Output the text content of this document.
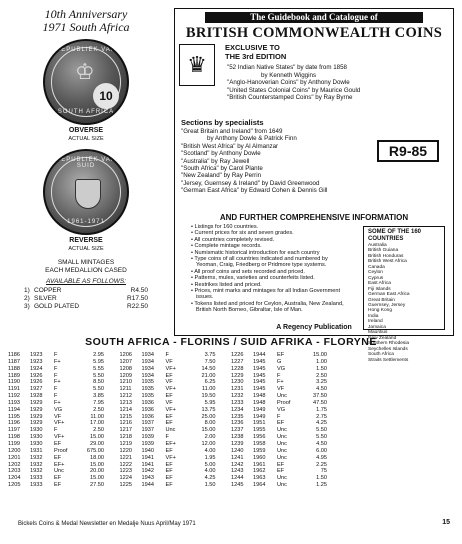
10th Anniversary
1971 South Africa
REPUBLIEK VAN
♔
10
SOUTH AFRICA
OBVERSE
ACTUAL SIZE
REPUBLIEK VAN SUID
1961-1971
REVERSE
ACTUAL SIZE
SMALL MINTAGES
EACH MEDALLION CASED
AVAILABLE AS FOLLOWS:
1) COPPER	R4.50
2) SILVER	R17.50
3) GOLD PLATED	R22.50
The Guidebook and Catalogue of
BRITISH COMMONWEALTH COINS
♛
EXCLUSIVE TO
THE 3rd EDITION
"52 Indian Native States" by date from 1858
by Kenneth Wiggins
"Anglo-Hanoverian Coins" by Anthony Dowle
"United States Colonial Coins" by Maurice Gould
"British Counterstamped Coins" by Ray Byrne
Sections by specialists
"Great Britain and Ireland" from 1649
by Anthony Dowle & Patrick Finn
"British West Africa" by Al Almanzar
"Scotland" by Anthony Dowle
"Australia" by Ray Jewell
"South Africa" by Carol Plante
"New Zealand" by Ray Perrin
"Jersey, Guernsey & Ireland" by David Greenwood
"German East Africa" by Edward Cohen & Dennis Gill
R9-85
AND FURTHER COMPREHENSIVE INFORMATION
• Listings for 160 countries.
• Current prices for six and seven grades.
• All countries completely revised.
• Complete mintage records.
• Numismatic historical introduction for each country
• Type coins of all countries indicated and numbered by Yeoman, Craig, Friedberg or Pridmore type systems.
• All proof coins and sets recorded and priced.
• Patterns, mules, varieties and counterfeits listed.
• Restrikes listed and priced.
• Prices, mint marks and mintages for all Indian Government issues.
• Tokens listed and priced for Ceylon, Australia, New Zealand, British North Borneo, Gibraltar, Isle of Man.
SOME OF THE 160 COUNTRIES
Australia
British Guiana
British Honduras
British West Africa
Canada
Ceylon
Cyprus
East Africa
Fiji Islands
German East Africa
Great Britain
Guernsey, Jersey
Hong Kong
India
Ireland
Jamaica
Mauritius
New Zealand
Southern Rhodesia
Seychelles Islands
South Africa
Straits Settlements
A Regency Publication
SOUTH AFRICA - FLORINS / SUID AFRIKA - FLORYNE
1186	1923	F	2.95	1206	1934	F	3.75	1226	1944	EF	15.00
1187	1923	F+	5.95	1207	1934	VF	7.50	1227	1945	G	1.00
1188	1924	F	5.55	1208	1934	VF+	14.50	1228	1945	VG	1.50
1189	1926	F	5.50	1209	1934	EF	21.00	1229	1945	F	2.50
1190	1926	F+	8.50	1210	1935	VF	6.25	1230	1945	F+	3.25
1191	1927	F	5.50	1211	1935	VF+	11.00	1231	1945	VF	4.50
1192	1928	F	3.85	1212	1935	EF	19.50	1232	1948	Unc	37.50
1193	1929	F+	7.95	1213	1936	VF	5.95	1233	1948	Proof	47.50
1194	1929	VG	2.50	1214	1936	VF+	13.75	1234	1949	VG	1.75
1195	1929	VF	11.00	1215	1936	EF	25.00	1235	1949	F	2.75
1196	1929	VF+	17.00	1216	1937	EF	8.00	1236	1951	EF	4.25
1197	1930	F	2.50	1217	1937	Unc	15.00	1237	1955	Unc	5.50
1198	1930	VF+	15.00	1218	1939	F	2.00	1238	1956	Unc	5.50
1199	1930	EF	29.00	1219	1939	EF+	12.00	1239	1958	Unc	4.50
1200	1931	Proof	675.00	1220	1940	EF	4.00	1240	1959	Unc	6.00
1201	1932	EF	18.00	1221	1941	VF+	1.95	1241	1960	Unc	4.95
1202	1932	EF+	15.00	1222	1941	EF	5.00	1242	1961	EF	2.25
1203	1932	Unc	20.00	1223	1942	EF	4.00	1243	1962	EF	75
1204	1933	EF	15.00	1224	1943	EF	4.25	1244	1963	Unc	1.50
1205	1933	EF	27.50	1225	1944	EF	1.50	1245	1964	Unc	1.25
Bickels Coins & Medal Newsletter en Medalje Nuus April/May 1971	15
